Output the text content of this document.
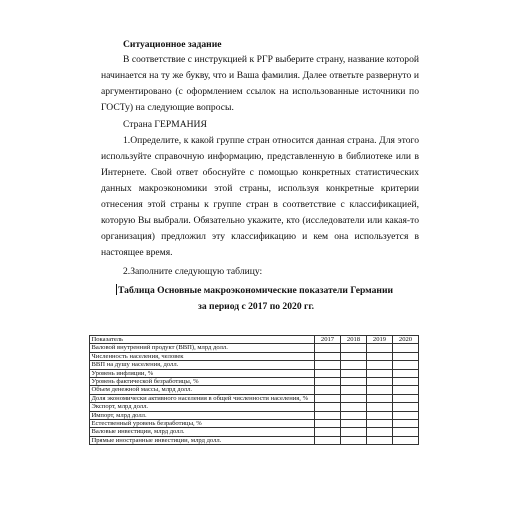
Ситуационное задание
В соответствие с инструкцией к РГР выберите страну, название которой
начинается на ту же букву, что и Ваша фамилия. Далее ответьте развернуто и
аргументировано (с оформлением ссылок на использованные источники по
ГОСТу) на следующие вопросы.
Страна ГЕРМАНИЯ
1.Определите, к какой группе стран относится данная страна. Для этого
используйте справочную информацию, представленную в библиотеке или в
Интернете. Свой ответ обоснуйте с помощью конкретных статистических
данных макроэкономики этой страны, используя конкретные критерии
отнесения этой страны к группе стран в соответствие с классификацией,
которую Вы выбрали. Обязательно укажите, кто (исследователи или какая-то
организация) предложил эту классификацию и кем она используется в
настоящее время.
2.Заполните следующую таблицу:
Таблица Основные макроэкономические показатели Германии
за период с 2017 по 2020 гг.
Показатель	2017	2018	2019	2020
Валовой внутренний продукт (ВВП), млрд долл.				
Численность населения, человек				
ВВП на душу населения, долл.				
Уровень инфляции, %				
Уровень фактической безработицы, %				
Объем денежной массы, млрд долл.				
Доля экономически активного населения в общей численности населения, %				
Экспорт, млрд долл.				
Импорт, млрд долл.				
Естественный уровень безработицы, %				
Валовые инвестиции, млрд долл.				
Прямые иностранные инвестиции, млрд долл.				
